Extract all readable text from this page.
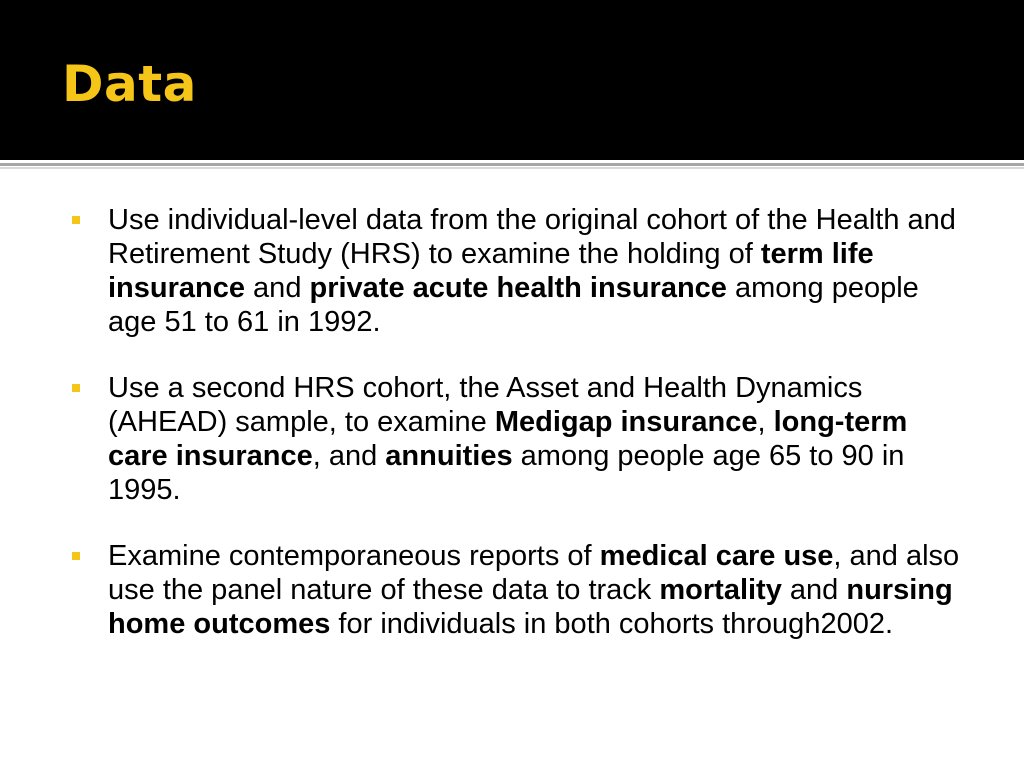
Data
Use individual-level data from the original cohort of the Health and Retirement Study (HRS) to examine the holding of term life insurance and private acute health insurance among people age 51 to 61 in 1992.
Use a second HRS cohort, the Asset and Health Dynamics (AHEAD) sample, to examine Medigap insurance, long-term care insurance, and annuities among people age 65 to 90 in 1995.
Examine contemporaneous reports of medical care use, and also use the panel nature of these data to track mortality and nursing home outcomes for individuals in both cohorts through2002.
